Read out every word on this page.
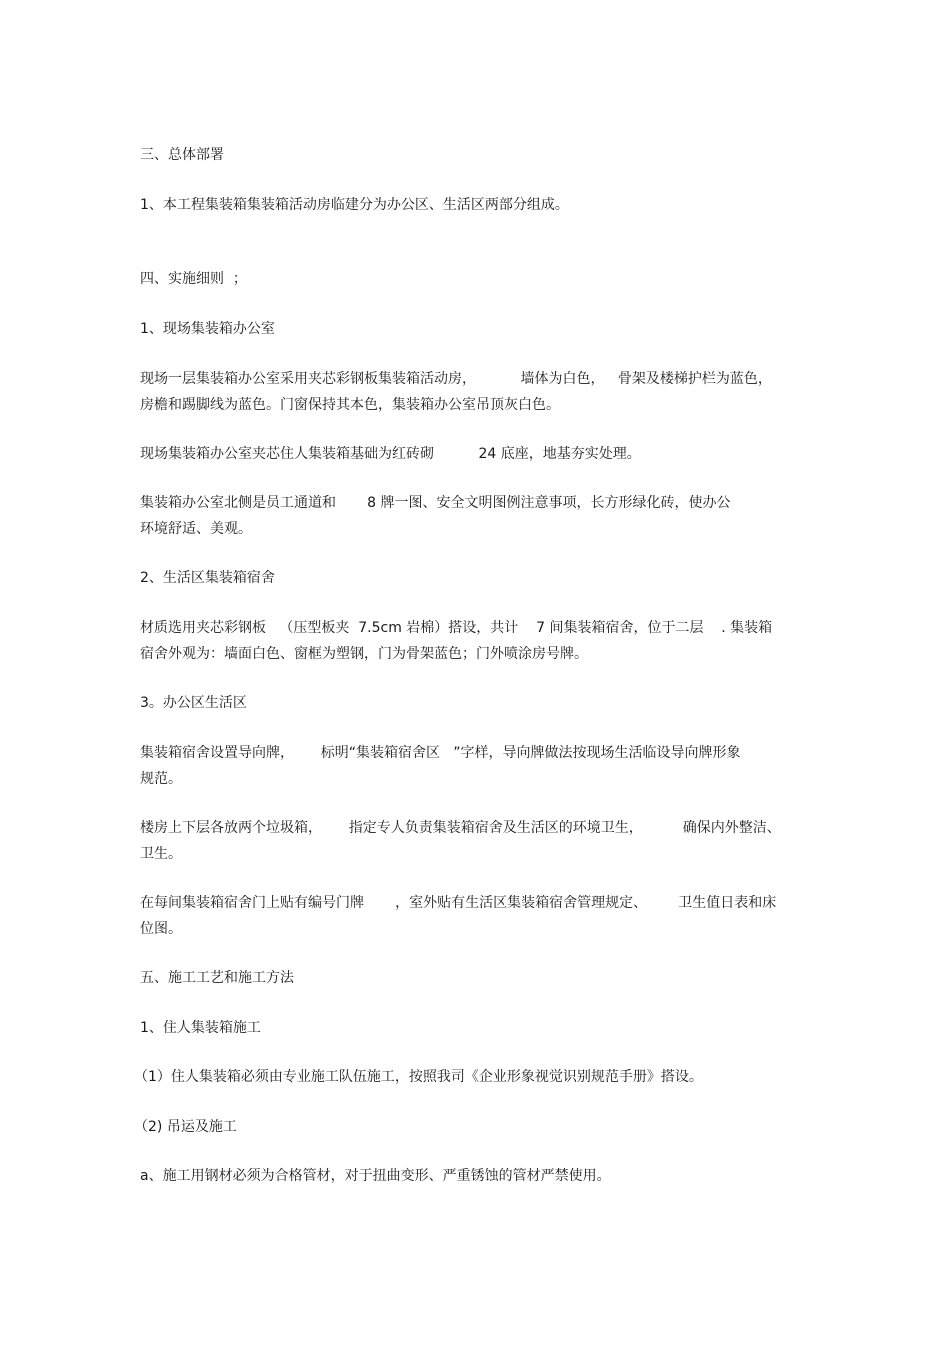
三、总体部署
1、本工程集装箱集装箱活动房临建分为办公区、生活区两部分组成。
四、实施细则  ；
1、现场集装箱办公室
现场一层集装箱办公室采用夹芯彩钢板集装箱活动房，          墙体为白色，   骨架及楼梯护栏为蓝色，
房檐和踢脚线为蓝色。门窗保持其本色，集装箱办公室吊顶灰白色。
现场集装箱办公室夹芯住人集装箱基础为红砖砌          24 底座，地基夯实处理。
集装箱办公室北侧是员工通道和       8 牌一图、安全文明图例注意事项，长方形绿化砖，使办公
环境舒适、美观。
2、生活区集装箱宿舍
材质选用夹芯彩钢板   （压型板夹  7.5cm 岩棉）搭设，共计    7 间集装箱宿舍，位于二层    . 集装箱
宿舍外观为：墙面白色、窗框为塑钢，门为骨架蓝色；门外喷涂房号牌。
3。办公区生活区
集装箱宿舍设置导向牌，      标明“集装箱宿舍区   ”字样，导向牌做法按现场生活临设导向牌形象
规范。
楼房上下层各放两个垃圾箱，      指定专人负责集装箱宿舍及生活区的环境卫生，         确保内外整洁、
卫生。
在每间集装箱宿舍门上贴有编号门牌       ，室外贴有生活区集装箱宿舍管理规定、       卫生值日表和床
位图。
五、施工工艺和施工方法
1、住人集装箱施工
（1）住人集装箱必须由专业施工队伍施工，按照我司《企业形象视觉识别规范手册》搭设。
（2) 吊运及施工
a、施工用钢材必须为合格管材，对于扭曲变形、严重锈蚀的管材严禁使用。
